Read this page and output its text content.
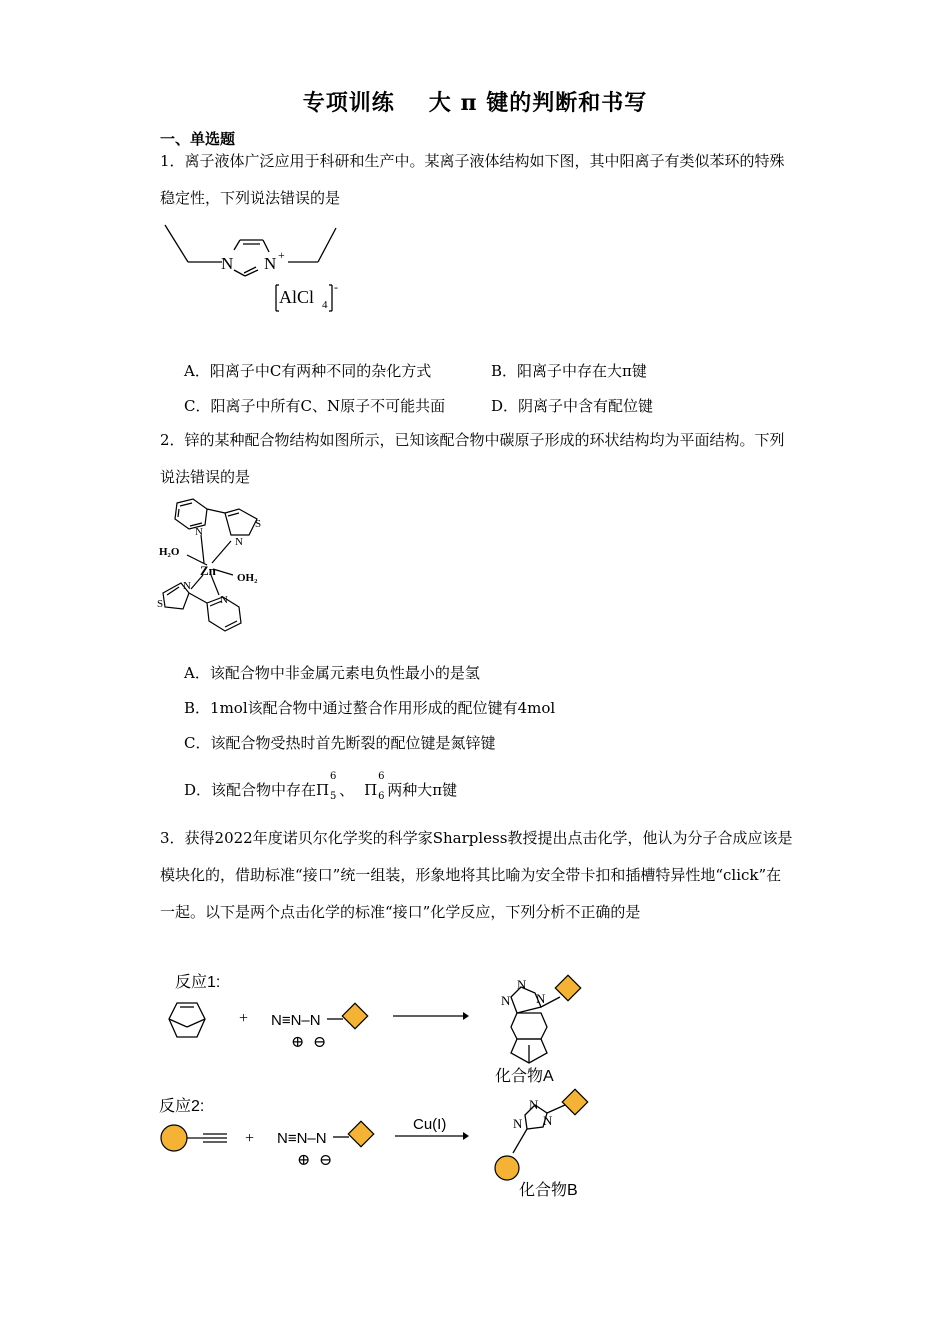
专项训练 大 π 键的判断和书写
一、单选题
1．离子液体广泛应用于科研和生产中。某离子液体结构如下图，其中阳离子有类似苯环的特殊稳定性，下列说法错误的是
N N +
AlCl 4
-
A．阳离子中C有两种不同的杂化方式	B．阳离子中存在大π键
C．阳离子中所有C、N原子不可能共面	D．阴离子中含有配位键
2．锌的某种配合物结构如图所示，已知该配合物中碳原子形成的环状结构均为平面结构。下列说法错误的是
N
N
S
H₂O
Zn OH₂
N
N
S
A．该配合物中非金属元素电负性最小的是氢
B．1mol该配合物中通过螯合作用形成的配位键有4mol
C．该配合物受热时首先断裂的配位键是氮锌键
D．该配合物中存在Π
6
5 、 Π
6
6 两种大π键
3．获得2022年度诺贝尔化学奖的科学家Sharpless教授提出点击化学，他认为分子合成应该是模块化的，借助标准“接口”统一组装，形象地将其比喻为安全带卡扣和插槽特异性地“click”在一起。以下是两个点击化学的标准“接口”化学反应，下列分析不正确的是
反应1:
+ N≡N–N
⊕ ⊖
N
N
N
化合物A
反应2:
+ N≡N–N
⊕ ⊖
Cu(I)	N
N
N
化合物B
